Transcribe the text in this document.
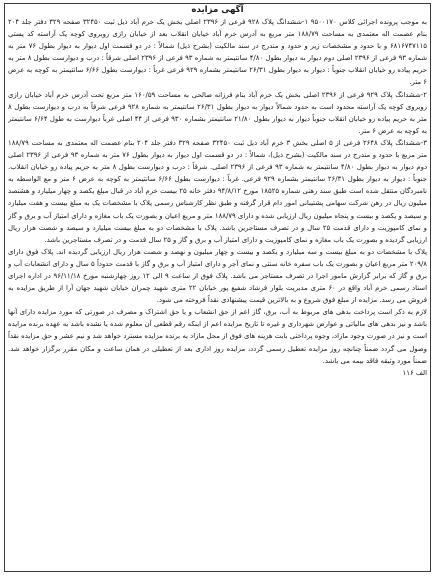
آگهی مزایده

به موجب پرونده اجرائی کلاس ۹۵۰۰۱۷۰ ۱-ششدانگ پلاک ۹۲۸ فرعی از ۲۳۹۶ اصلی بخش یک خرم آباد ذیل ثبت ۳۲۴۵۰ صفحه ۳۲۹ دفتر جلد ۲۰۴ بنام عصمت اله معتمدی به مساحت ۱۸۸/۷۹ متر مربع به آدرس خرم آباد خیابان انقلاب بعد از خیابان رازی روبروی کوچه یک آراسته کد پستی ۶۸۱۶۷۴۷۱۱۵ و با حدود و مشخصات زیر و حدود و مندرج در سند مالکیت (بشرح ذیل) شمالاً : در دو قسمت اول دیوار به دیوار بطول ۷۶ متر به شماره ۹۳ فرعی از ۲۳۹۶ اصلی دوم دیوار به دیوار بطول ۴/۸۰ سانتیمتر به شماره ۹۳ فرعی از ۲۳۹۶ اصلی شرقاً : درب و دیوارست بطول ۸ متر به حریم پیاده رو خیابان انقلاب جنوباً : دیوار به دیوار بطول ۲۶/۳۱ سانتیمتر بشماره ۹۲۹ فرعی غرباً : دیوارست بطول ۶/۶۶ سانتیمتر به کوچه به عرض ۶ متر.

۲-ششدانگ پلاک ۹۲۹ فرعی از ۲۳۹۶ اصلی بخش یک خرم آباد بنام فرزانه صالحی به مساحت ۱۶۰/۵۹ متر مربع تحت آدرس خرم آباد خیابان رازی روبروی کوچه یک آراسته محدود است به حدود شمالاً دیوار به دیوار بطول ۲۶/۳۱ سانتیمتر به شماره ۹۲۸ فرعی شرقاً به درب و دیوارست بطول ۸ متر به حریم پیاده رو خیابان انقلاب جنوباً دیوار به دیوار بطول ۲۱/۸۰ سانتیمتر بشماره ۹۳۰ فرعی از ۴۴ اصلی غرباً دیوارست به طول ۶/۶۴ سانتیمتر به کوچه به عرض ۶ متر.

۳-ششدانگ پلاک ۲۶۴۸ فرعی از ۵ اصلی بخش ۳ خرم آباد ذیل ثبت ۳۲۴۵۰ صفحه ۳۲۹ دفتر جلد ۲۰۴ بنام عصمت اله معتمدی به مساحت ۱۸۸/۷۹ متر مربع با حدود و مندرج در سند مالکیت (بشرح ذیل)، شمالاً : در دو قسمت اول دیوار به دیوار بطول ۷۶ متر به شماره ۹۳ فرعی از ۲۳۹۶ اصلی دوم دیوار به دیوار بطول ۴/۸۰ سانتیمتر به شماره ۹۳ فرعی از ۲۳۹۶ اصلی. شرقاً : درب و دیوارست بطول ۸ متر به حریم پیاده رو خیابان انقلاب. جنوباً : دیوار به دیوار بطول ۲۶/۳۱ سانتیمتر بشماره ۹۲۹ فرعی. غرباً : دیوارست بطول ۶/۶۶ سانتیمتر به کوچه به عرض ۶ متر و مع الواسطه به نامبردگان منتقل شده است طبق سند رهنی شماره ۱۸۵۲۵ مورخ ۹۴/۸/۱۲ دفتر خانه ۲۵ بیست خرم آباد در قبال مبلغ یکصد و چهار میلیارد و هشتصد میلیون ریال در رهن شرکت سهامی پشتیبانی امور دام قرار گرفته و طبق نظر کارشناس رسمی پلاک با مشخصات یک به مبلغ بیست و هفت میلیارد و سیصد و یکصد و بیست و پنجاه میلیون ریال ارزیابی شده و دارای ۱۸۸/۷۹ متر و مربع اعیان و بصورت یک باب مغازه و دارای امتیاز آب و برق و گاز و نمای کامپوزیت و دارای قدمت ۲۵ سال و در تصرف مستاجرین باشد. پلاک با مشخصات دو به مبلغ بیست میلیارد و سیصد و شصت هزار ریال ارزیابی گردیده و بصورت یک باب مغازه و نمای کامپوزیت و دارای امتیاز آب و برق و گاز و ۲۵ سال قدمت و در تصرف مستاجرین باشد.

پلاک با مشخصات دو به مبلغ بیست و سه میلیارد و یکصد و بیست و چهار میلیون و نهصد و شصت هزار ریال ارزیابی گردیده اند. پلاک فوق دارای ۲۰۹/۸ متر مربع اعیان و بصورت یک باب سفره خانه سنتی و نمای آجر و دارای امتیاز آب و برق و گاز با قدمت حدوداً ۵ سال و دارای انشعابات آب و برق و گاز که برابر گزارش مامور اجرا در تصرف مستاجر می باشد. پلاک فوق از ساعت ۹ الی ۱۲ روز چهارشنبه مورخ ۹۶/۱۱/۱۸ در اداره اجرای اسناد رسمی خرم آباد واقع در ۶۰ متری مدیریت بلوار فرشاد شفیع پور خیابان ۲۲ متری شهید چمران خیابان شهید جهان آرا از طریق مزایده به فروش می رسد. مزایده از مبلغ فوق شروع و به بالاترین قیمت پیشنهادی نقداً فروخته می شود.

لازم به ذکر است پرداخت بدهی های مربوط به آب، برق، گاز اعم از حق انشعاب و یا حق اشتراک و مصرف در صورتی که مورد مزایده دارای آنها باشد و نیز بدهی های مالیاتی و عوارض شهرداری و غیره تا تاریخ مزایده اعم از اینکه رقم قطعی آن معلوم شده یا نشده باشد به عهده برنده مزایده است و نیز در صورت وجود مازاد، وجوه پرداختی بابت هزینه های فوق از محل مازاد به برنده مزایده مسترد خواهد شد و نیم عشر و حق مزایده نقداً وصول می گردد ضمناً چنانچه روز مزایده تعطیل رسمی گردد، مزایده روز اداری بعد از تعطیلی در همان ساعت و مکان مقرر برگزار خواهد شد. ضمناً مورد وثیقه فاقد بیمه می باشد.

الف ۱۱۶
